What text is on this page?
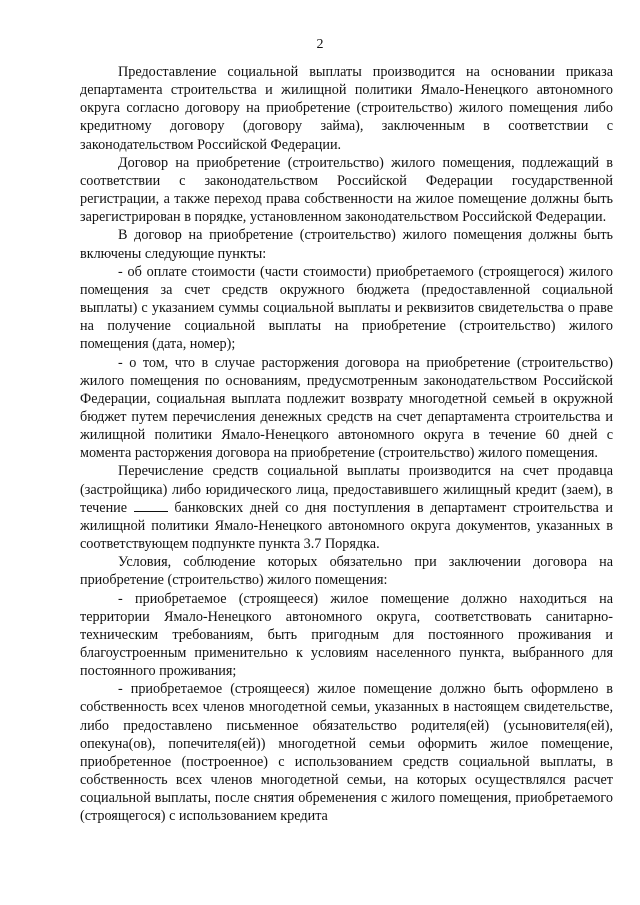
2

Предоставление социальной выплаты производится на основании приказа департамента строительства и жилищной политики Ямало-Ненецкого автономного округа согласно договору на приобретение (строительство) жилого помещения либо кредитному договору (договору займа), заключенным в соответствии с законодательством Российской Федерации.

Договор на приобретение (строительство) жилого помещения, подлежащий в соответствии с законодательством Российской Федерации государственной регистрации, а также переход права собственности на жилое помещение должны быть зарегистрирован в порядке, установленном законодательством Российской Федерации.

В договор на приобретение (строительство) жилого помещения должны быть включены следующие пункты:

- об оплате стоимости (части стоимости) приобретаемого (строящегося) жилого помещения за счет средств окружного бюджета (предоставленной социальной выплаты) с указанием суммы социальной выплаты и реквизитов свидетельства о праве на получение социальной выплаты на приобретение (строительство) жилого помещения (дата, номер);

- о том, что в случае расторжения договора на приобретение (строительство) жилого помещения по основаниям, предусмотренным законодательством Российской Федерации, социальная выплата подлежит возврату многодетной семьей в окружной бюджет путем перечисления денежных средств на счет департамента строительства и жилищной политики Ямало-Ненецкого автономного округа в течение 60 дней с момента расторжения договора на приобретение (строительство) жилого помещения.

Перечисление средств социальной выплаты производится на счет продавца (застройщика) либо юридического лица, предоставившего жилищный кредит (заем), в течение  банковских дней со дня поступления в департамент строительства и жилищной политики Ямало-Ненецкого автономного округа документов, указанных в соответствующем подпункте пункта 3.7 Порядка.

Условия, соблюдение которых обязательно при заключении договора на приобретение (строительство) жилого помещения:

- приобретаемое (строящееся) жилое помещение должно находиться на территории Ямало-Ненецкого автономного округа, соответствовать санитарно-техническим требованиям, быть пригодным для постоянного проживания и благоустроенным применительно к условиям населенного пункта, выбранного для постоянного проживания;

- приобретаемое (строящееся) жилое помещение должно быть оформлено в собственность всех членов многодетной семьи, указанных в настоящем свидетельстве, либо предоставлено письменное обязательство родителя(ей) (усыновителя(ей), опекуна(ов), попечителя(ей)) многодетной семьи оформить жилое помещение, приобретенное (построенное) с использованием средств социальной выплаты, в собственность всех членов многодетной семьи, на которых осуществлялся расчет социальной выплаты, после снятия обременения с жилого помещения, приобретаемого (строящегося) с использованием кредита
